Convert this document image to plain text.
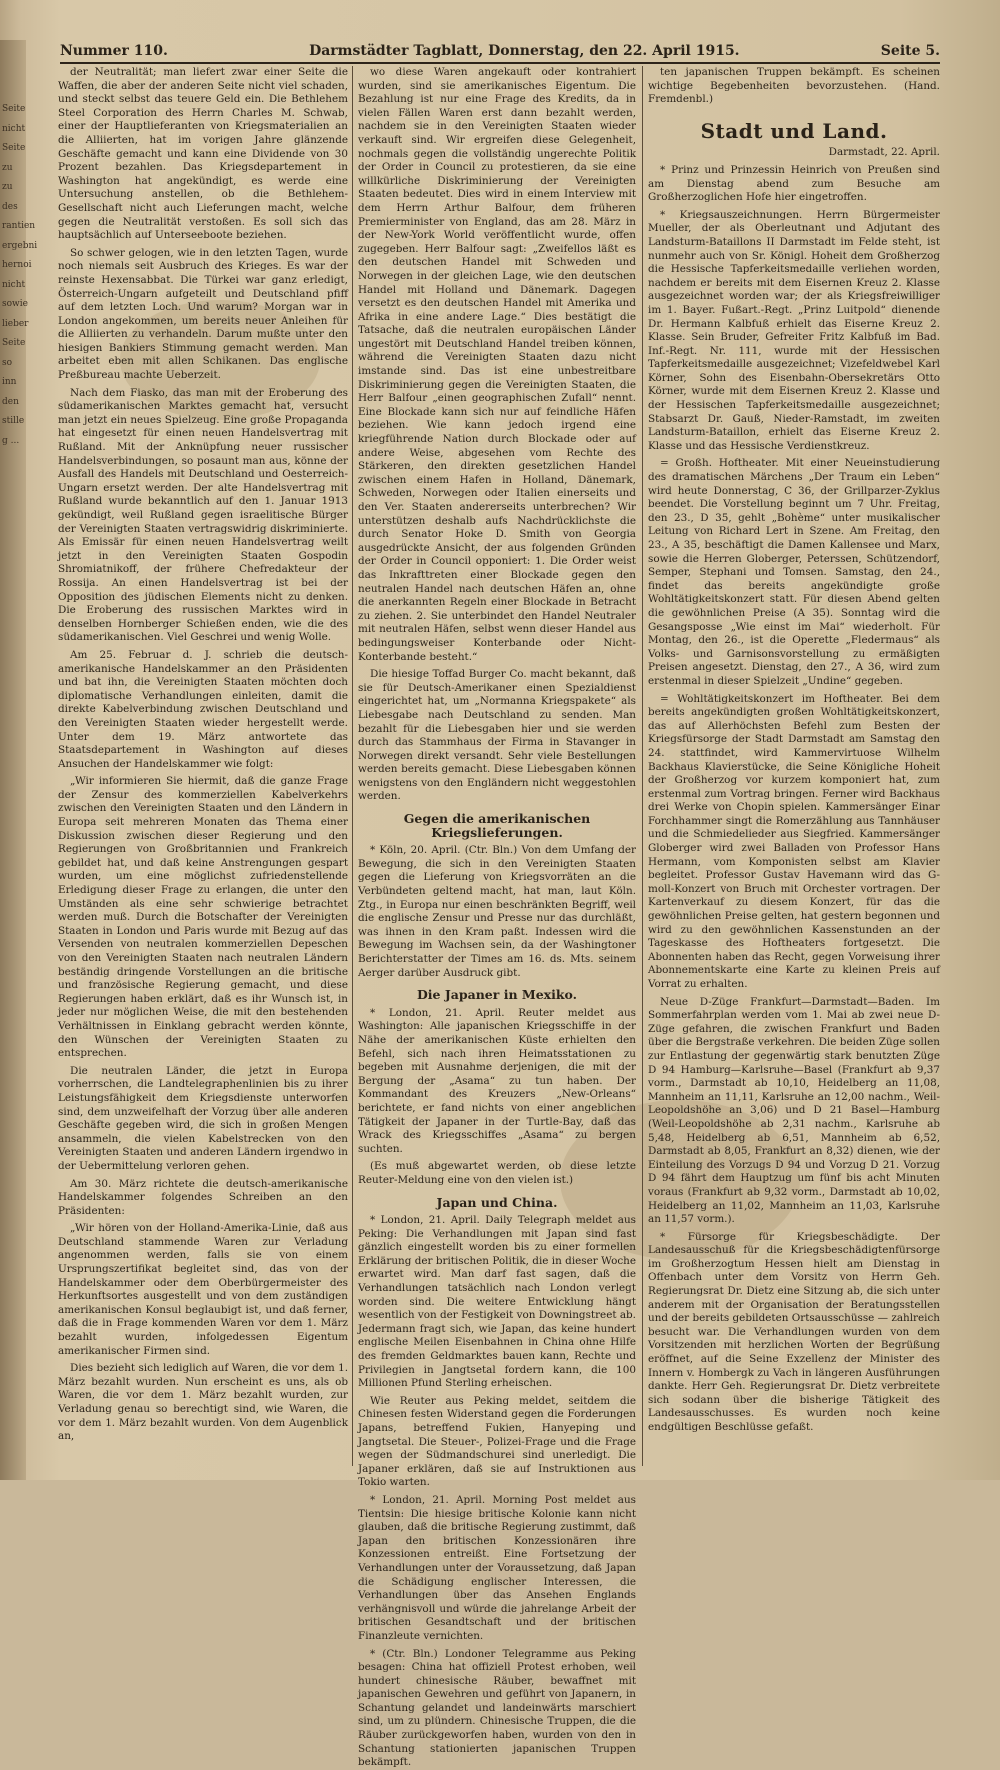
Seite nicht Seite zu zu des rantien ergebni hernoi nicht sowie lieber Seite so inn den stille g ...
Nummer 110.	Darmstädter Tagblatt, Donnerstag, den 22. April 1915.	Seite 5.

der Neutralität; man liefert zwar einer Seite die Waffen, die aber der anderen Seite nicht viel schaden, und steckt selbst das teuere Geld ein. Die Bethlehem Steel Corporation des Herrn Charles M. Schwab, einer der Hauptlieferanten von Kriegsmaterialien an die Alliierten, hat im vorigen Jahre glänzende Geschäfte gemacht und kann eine Dividende von 30 Prozent bezahlen. Das Kriegsdepartement in Washington hat angekündigt, es werde eine Untersuchung anstellen, ob die Bethlehem-Gesellschaft nicht auch Lieferungen macht, welche gegen die Neutralität verstoßen. Es soll sich das hauptsächlich auf Unterseeboote beziehen.

So schwer gelogen, wie in den letzten Tagen, wurde noch niemals seit Ausbruch des Krieges. Es war der reinste Hexensabbat. Die Türkei war ganz erledigt, Österreich-Ungarn aufgeteilt und Deutschland pfiff auf dem letzten Loch. Und warum? Morgan war in London angekommen, um bereits neuer Anleihen für die Alliierten zu verhandeln. Darum mußte unter den hiesigen Bankiers Stimmung gemacht werden. Man arbeitet eben mit allen Schikanen. Das englische Preßbureau machte Ueberzeit.

Nach dem Fiasko, das man mit der Eroberung des südamerikanischen Marktes gemacht hat, versucht man jetzt ein neues Spielzeug. Eine große Propaganda hat eingesetzt für einen neuen Handelsvertrag mit Rußland. Mit der Anknüpfung neuer russischer Handelsverbindungen, so posaunt man aus, könne der Ausfall des Handels mit Deutschland und Oesterreich-Ungarn ersetzt werden. Der alte Handelsvertrag mit Rußland wurde bekanntlich auf den 1. Januar 1913 gekündigt, weil Rußland gegen israelitische Bürger der Vereinigten Staaten vertragswidrig diskriminierte. Als Emissär für einen neuen Handelsvertrag weilt jetzt in den Vereinigten Staaten Gospodin Shromiatnikoff, der frühere Chefredakteur der Rossija. An einen Handelsvertrag ist bei der Opposition des jüdischen Elements nicht zu denken. Die Eroberung des russischen Marktes wird in denselben Hornberger Schießen enden, wie die des südamerikanischen. Viel Geschrei und wenig Wolle.

Am 25. Februar d. J. schrieb die deutsch-amerikanische Handelskammer an den Präsidenten und bat ihn, die Vereinigten Staaten möchten doch diplomatische Verhandlungen einleiten, damit die direkte Kabelverbindung zwischen Deutschland und den Vereinigten Staaten wieder hergestellt werde. Unter dem 19. März antwortete das Staatsdepartement in Washington auf dieses Ansuchen der Handelskammer wie folgt:

„Wir informieren Sie hiermit, daß die ganze Frage der Zensur des kommerziellen Kabelverkehrs zwischen den Vereinigten Staaten und den Ländern in Europa seit mehreren Monaten das Thema einer Diskussion zwischen dieser Regierung und den Regierungen von Großbritannien und Frankreich gebildet hat, und daß keine Anstrengungen gespart wurden, um eine möglichst zufriedenstellende Erledigung dieser Frage zu erlangen, die unter den Umständen als eine sehr schwierige betrachtet werden muß. Durch die Botschafter der Vereinigten Staaten in London und Paris wurde mit Bezug auf das Versenden von neutralen kommerziellen Depeschen von den Vereinigten Staaten nach neutralen Ländern beständig dringende Vorstellungen an die britische und französische Regierung gemacht, und diese Regierungen haben erklärt, daß es ihr Wunsch ist, in jeder nur möglichen Weise, die mit den bestehenden Verhältnissen in Einklang gebracht werden könnte, den Wünschen der Vereinigten Staaten zu entsprechen.

Die neutralen Länder, die jetzt in Europa vorherrschen, die Landtelegraphenlinien bis zu ihrer Leistungsfähigkeit dem Kriegsdienste unterworfen sind, dem unzweifelhaft der Vorzug über alle anderen Geschäfte gegeben wird, die sich in großen Mengen ansammeln, die vielen Kabelstrecken von den Vereinigten Staaten und anderen Ländern irgendwo in der Uebermittelung verloren gehen.

Am 30. März richtete die deutsch-amerikanische Handelskammer folgendes Schreiben an den Präsidenten:

„Wir hören von der Holland-Amerika-Linie, daß aus Deutschland stammende Waren zur Verladung angenommen werden, falls sie von einem Ursprungszertifikat begleitet sind, das von der Handelskammer oder dem Oberbürgermeister des Herkunftsortes ausgestellt und von dem zuständigen amerikanischen Konsul beglaubigt ist, und daß ferner, daß die in Frage kommenden Waren vor dem 1. März bezahlt wurden, infolgedessen Eigentum amerikanischer Firmen sind.

Dies bezieht sich lediglich auf Waren, die vor dem 1. März bezahlt wurden. Nun erscheint es uns, als ob Waren, die vor dem 1. März bezahlt wurden, zur Verladung genau so berechtigt sind, wie Waren, die vor dem 1. März bezahlt wurden. Von dem Augenblick an,

wo diese Waren angekauft oder kontrahiert wurden, sind sie amerikanisches Eigentum. Die Bezahlung ist nur eine Frage des Kredits, da in vielen Fällen Waren erst dann bezahlt werden, nachdem sie in den Vereinigten Staaten wieder verkauft sind. Wir ergreifen diese Gelegenheit, nochmals gegen die vollständig ungerechte Politik der Order in Council zu protestieren, da sie eine willkürliche Diskriminierung der Vereinigten Staaten bedeutet. Dies wird in einem Interview mit dem Herrn Arthur Balfour, dem früheren Premierminister von England, das am 28. März in der New-York World veröffentlicht wurde, offen zugegeben. Herr Balfour sagt: „Zweifellos läßt es den deutschen Handel mit Schweden und Norwegen in der gleichen Lage, wie den deutschen Handel mit Holland und Dänemark. Dagegen versetzt es den deutschen Handel mit Amerika und Afrika in eine andere Lage.“ Dies bestätigt die Tatsache, daß die neutralen europäischen Länder ungestört mit Deutschland Handel treiben können, während die Vereinigten Staaten dazu nicht imstande sind. Das ist eine unbestreitbare Diskriminierung gegen die Vereinigten Staaten, die Herr Balfour „einen geographischen Zufall“ nennt. Eine Blockade kann sich nur auf feindliche Häfen beziehen. Wie kann jedoch irgend eine kriegführende Nation durch Blockade oder auf andere Weise, abgesehen vom Rechte des Stärkeren, den direkten gesetzlichen Handel zwischen einem Hafen in Holland, Dänemark, Schweden, Norwegen oder Italien einerseits und den Ver. Staaten andererseits unterbrechen? Wir unterstützen deshalb aufs Nachdrücklichste die durch Senator Hoke D. Smith von Georgia ausgedrückte Ansicht, der aus folgenden Gründen der Order in Council opponiert: 1. Die Order weist das Inkrafttreten einer Blockade gegen den neutralen Handel nach deutschen Häfen an, ohne die anerkannten Regeln einer Blockade in Betracht zu ziehen. 2. Sie unterbindet den Handel Neutraler mit neutralen Häfen, selbst wenn dieser Handel aus bedingungsweiser Konterbande oder Nicht-Konterbande besteht.“

Die hiesige Toffad Burger Co. macht bekannt, daß sie für Deutsch-Amerikaner einen Spezialdienst eingerichtet hat, um „Normanna Kriegspakete“ als Liebesgabe nach Deutschland zu senden. Man bezahlt für die Liebesgaben hier und sie werden durch das Stammhaus der Firma in Stavanger in Norwegen direkt versandt. Sehr viele Bestellungen werden bereits gemacht. Diese Liebesgaben können wenigstens von den Engländern nicht weggestohlen werden.

Gegen die amerikanischen Kriegslieferungen.

* Köln, 20. April. (Ctr. Bln.) Von dem Umfang der Bewegung, die sich in den Vereinigten Staaten gegen die Lieferung von Kriegsvorräten an die Verbündeten geltend macht, hat man, laut Köln. Ztg., in Europa nur einen beschränkten Begriff, weil die englische Zensur und Presse nur das durchläßt, was ihnen in den Kram paßt. Indessen wird die Bewegung im Wachsen sein, da der Washingtoner Berichterstatter der Times am 16. ds. Mts. seinem Aerger darüber Ausdruck gibt.

Die Japaner in Mexiko.

* London, 21. April. Reuter meldet aus Washington: Alle japanischen Kriegsschiffe in der Nähe der amerikanischen Küste erhielten den Befehl, sich nach ihren Heimatsstationen zu begeben mit Ausnahme derjenigen, die mit der Bergung der „Asama“ zu tun haben. Der Kommandant des Kreuzers „New-Orleans“ berichtete, er fand nichts von einer angeblichen Tätigkeit der Japaner in der Turtle-Bay, daß das Wrack des Kriegsschiffes „Asama“ zu bergen suchten.

(Es muß abgewartet werden, ob diese letzte Reuter-Meldung eine von den vielen ist.)

Japan und China.

* London, 21. April. Daily Telegraph meldet aus Peking: Die Verhandlungen mit Japan sind fast gänzlich eingestellt worden bis zu einer formellen Erklärung der britischen Politik, die in dieser Woche erwartet wird. Man darf fast sagen, daß die Verhandlungen tatsächlich nach London verlegt worden sind. Die weitere Entwicklung hängt wesentlich von der Festigkeit von Downingstreet ab. Jedermann fragt sich, wie Japan, das keine hundert englische Meilen Eisenbahnen in China ohne Hilfe des fremden Geldmarktes bauen kann, Rechte und Privilegien in Jangtsetal fordern kann, die 100 Millionen Pfund Sterling erheischen.

Wie Reuter aus Peking meldet, seitdem die Chinesen festen Widerstand gegen die Forderungen Japans, betreffend Fukien, Hanyeping und Jangtsetal. Die Steuer-, Polizei-Frage und die Frage wegen der Südmandschurei sind unerledigt. Die Japaner erklären, daß sie auf Instruktionen aus Tokio warten.

* London, 21. April. Morning Post meldet aus Tientsin: Die hiesige britische Kolonie kann nicht glauben, daß die britische Regierung zustimmt, daß Japan den britischen Konzessionären ihre Konzessionen entreißt. Eine Fortsetzung der Verhandlungen unter der Voraussetzung, daß Japan die Schädigung englischer Interessen, die Verhandlungen über das Ansehen Englands verhängnisvoll und würde die jahrelange Arbeit der britischen Gesandtschaft und der britischen Finanzleute vernichten.

* (Ctr. Bln.) Londoner Telegramme aus Peking besagen: China hat offiziell Protest erhoben, weil hundert chinesische Räuber, bewaffnet mit japanischen Gewehren und geführt von Japanern, in Schantung gelandet und landeinwärts marschiert sind, um zu plündern. Chinesische Truppen, die die Räuber zurückgeworfen haben, wurden von den in Schantung stationierten japanischen Truppen bekämpft.

ten japanischen Truppen bekämpft. Es scheinen wichtige Begebenheiten bevorzustehen. (Hand. Fremdenbl.)

Stadt und Land.

Darmstadt, 22. April.

* Prinz und Prinzessin Heinrich von Preußen sind am Dienstag abend zum Besuche am Großherzoglichen Hofe hier eingetroffen.

* Kriegsauszeichnungen. Herrn Bürgermeister Mueller, der als Oberleutnant und Adjutant des Landsturm-Bataillons II Darmstadt im Felde steht, ist nunmehr auch von Sr. Königl. Hoheit dem Großherzog die Hessische Tapferkeitsmedaille verliehen worden, nachdem er bereits mit dem Eisernen Kreuz 2. Klasse ausgezeichnet worden war; der als Kriegsfreiwilliger im 1. Bayer. Fußart.-Regt. „Prinz Luitpold“ dienende Dr. Hermann Kalbfuß erhielt das Eiserne Kreuz 2. Klasse. Sein Bruder, Gefreiter Fritz Kalbfuß im Bad. Inf.-Regt. Nr. 111, wurde mit der Hessischen Tapferkeitsmedaille ausgezeichnet; Vizefeldwebel Karl Körner, Sohn des Eisenbahn-Obersekretärs Otto Körner, wurde mit dem Eisernen Kreuz 2. Klasse und der Hessischen Tapferkeitsmedaille ausgezeichnet; Stabsarzt Dr. Gauß, Nieder-Ramstadt, im zweiten Landsturm-Bataillon, erhielt das Eiserne Kreuz 2. Klasse und das Hessische Verdienstkreuz.

= Großh. Hoftheater. Mit einer Neueinstudierung des dramatischen Märchens „Der Traum ein Leben“ wird heute Donnerstag, C 36, der Grillparzer-Zyklus beendet. Die Vorstellung beginnt um 7 Uhr. Freitag, den 23., D 35, gehlt „Bohème“ unter musikalischer Leitung von Richard Lert in Szene. Am Freitag, den 23., A 35, beschäftigt die Damen Kallensee und Marx, sowie die Herren Globerger, Peterssen, Schützendorf, Semper, Stephani und Tomsen. Samstag, den 24., findet das bereits angekündigte große Wohltätigkeitskonzert statt. Für diesen Abend gelten die gewöhnlichen Preise (A 35). Sonntag wird die Gesangsposse „Wie einst im Mai“ wiederholt. Für Montag, den 26., ist die Operette „Fledermaus“ als Volks- und Garnisonsvorstellung zu ermäßigten Preisen angesetzt. Dienstag, den 27., A 36, wird zum erstenmal in dieser Spielzeit „Undine“ gegeben.

= Wohltätigkeitskonzert im Hoftheater. Bei dem bereits angekündigten großen Wohltätigkeitskonzert, das auf Allerhöchsten Befehl zum Besten der Kriegsfürsorge der Stadt Darmstadt am Samstag den 24. stattfindet, wird Kammervirtuose Wilhelm Backhaus Klavierstücke, die Seine Königliche Hoheit der Großherzog vor kurzem komponiert hat, zum erstenmal zum Vortrag bringen. Ferner wird Backhaus drei Werke von Chopin spielen. Kammersänger Einar Forchhammer singt die Romerzählung aus Tannhäuser und die Schmiedelieder aus Siegfried. Kammersänger Globerger wird zwei Balladen von Professor Hans Hermann, vom Komponisten selbst am Klavier begleitet. Professor Gustav Havemann wird das G-moll-Konzert von Bruch mit Orchester vortragen. Der Kartenverkauf zu diesem Konzert, für das die gewöhnlichen Preise gelten, hat gestern begonnen und wird zu den gewöhnlichen Kassenstunden an der Tageskasse des Hoftheaters fortgesetzt. Die Abonnenten haben das Recht, gegen Vorweisung ihrer Abonnementskarte eine Karte zu kleinen Preis auf Vorrat zu erhalten.

Neue D-Züge Frankfurt—Darmstadt—Baden. Im Sommerfahrplan werden vom 1. Mai ab zwei neue D-Züge gefahren, die zwischen Frankfurt und Baden über die Bergstraße verkehren. Die beiden Züge sollen zur Entlastung der gegenwärtig stark benutzten Züge D 94 Hamburg—Karlsruhe—Basel (Frankfurt ab 9,37 vorm., Darmstadt ab 10,10, Heidelberg an 11,08, Mannheim an 11,11, Karlsruhe an 12,00 nachm., Weil-Leopoldshöhe an 3,06) und D 21 Basel—Hamburg (Weil-Leopoldshöhe ab 2,31 nachm., Karlsruhe ab 5,48, Heidelberg ab 6,51, Mannheim ab 6,52, Darmstadt ab 8,05, Frankfurt an 8,32) dienen, wie der Einteilung des Vorzugs D 94 und Vorzug D 21. Vorzug D 94 fährt dem Hauptzug um fünf bis acht Minuten voraus (Frankfurt ab 9,32 vorm., Darmstadt ab 10,02, Heidelberg an 11,02, Mannheim an 11,03, Karlsruhe an 11,57 vorm.).

* Fürsorge für Kriegsbeschädigte. Der Landesausschuß für die Kriegsbeschädigtenfürsorge im Großherzogtum Hessen hielt am Dienstag in Offenbach unter dem Vorsitz von Herrn Geh. Regierungsrat Dr. Dietz eine Sitzung ab, die sich unter anderem mit der Organisation der Beratungsstellen und der bereits gebildeten Ortsausschüsse — zahlreich besucht war. Die Verhandlungen wurden von dem Vorsitzenden mit herzlichen Worten der Begrüßung eröffnet, auf die Seine Exzellenz der Minister des Innern v. Hombergk zu Vach in längeren Ausführungen dankte. Herr Geh. Regierungsrat Dr. Dietz verbreitete sich sodann über die bisherige Tätigkeit des Landesausschusses. Es wurden noch keine endgültigen Beschlüsse gefaßt.
